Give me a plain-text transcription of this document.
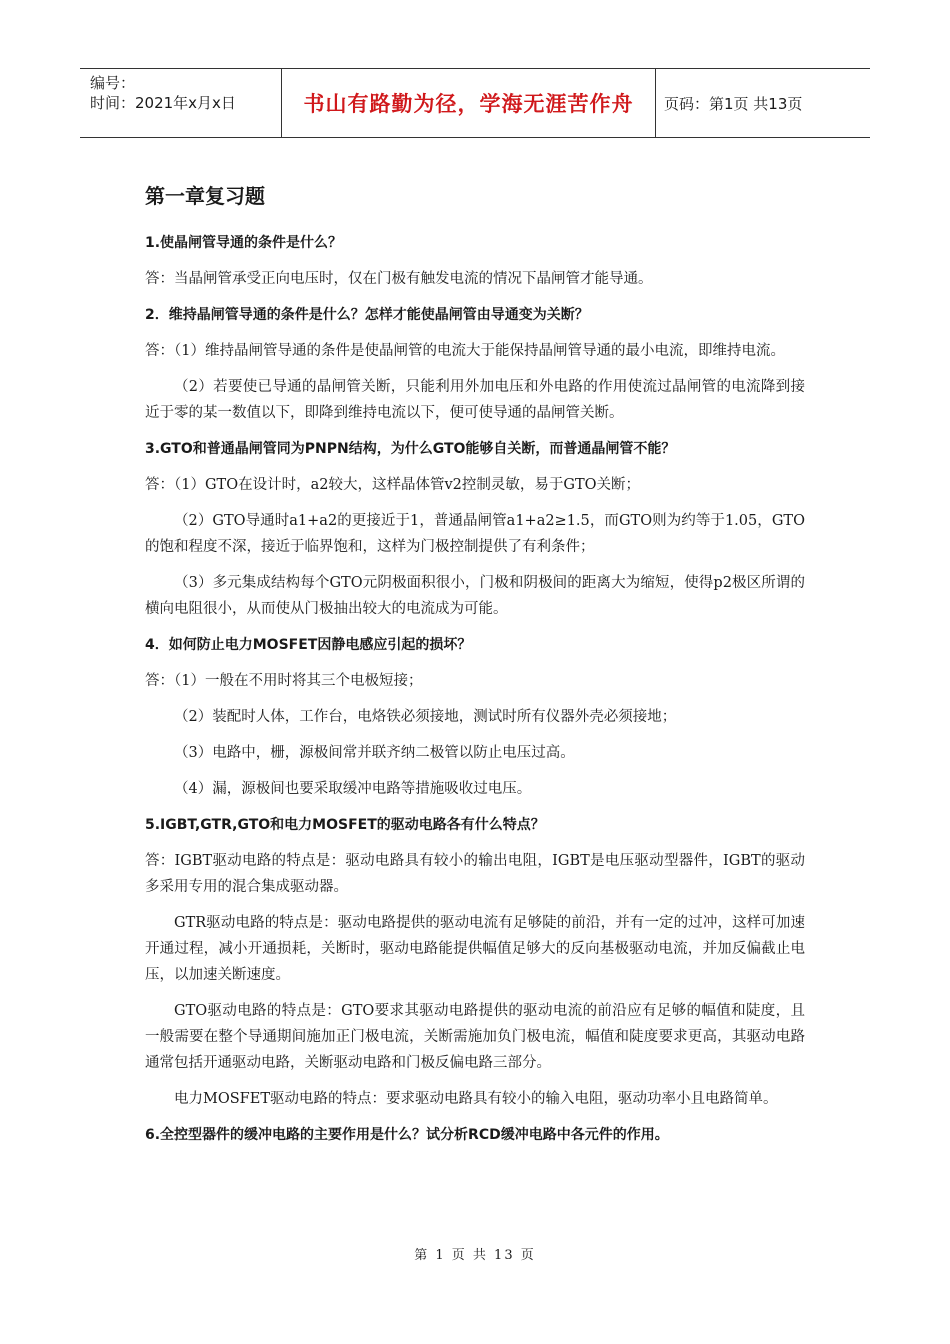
编号：
时间：2021年x月x日	书山有路勤为径，学海无涯苦作舟	页码：第1页 共13页
第一章复习题
1.使晶闸管导通的条件是什么？
答：当晶闸管承受正向电压时，仅在门极有触发电流的情况下晶闸管才能导通。
2．维持晶闸管导通的条件是什么？怎样才能使晶闸管由导通变为关断？
答：（1）维持晶闸管导通的条件是使晶闸管的电流大于能保持晶闸管导通的最小电流，即维持电流。
（2）若要使已导通的晶闸管关断，只能利用外加电压和外电路的作用使流过晶闸管的电流降到接近于零的某一数值以下，即降到维持电流以下，便可使导通的晶闸管关断。
3.GTO和普通晶闸管同为PNPN结构，为什么GTO能够自关断，而普通晶闸管不能？
答：（1）GTO在设计时，a2较大，这样晶体管v2控制灵敏，易于GTO关断；
（2）GTO导通时a1+a2的更接近于1，普通晶闸管a1+a2≥1.5，而GTO则为约等于1.05，GTO的饱和程度不深，接近于临界饱和，这样为门极控制提供了有利条件；
（3）多元集成结构每个GTO元阴极面积很小，门极和阴极间的距离大为缩短，使得p2极区所谓的横向电阻很小，从而使从门极抽出较大的电流成为可能。
4．如何防止电力MOSFET因静电感应引起的损坏？
答：（1）一般在不用时将其三个电极短接；
（2）装配时人体，工作台，电烙铁必须接地，测试时所有仪器外壳必须接地；
（3）电路中，栅，源极间常并联齐纳二极管以防止电压过高。
（4）漏，源极间也要采取缓冲电路等措施吸收过电压。
5.IGBT,GTR,GTO和电力MOSFET的驱动电路各有什么特点？
答：IGBT驱动电路的特点是：驱动电路具有较小的输出电阻，IGBT是电压驱动型器件，IGBT的驱动多采用专用的混合集成驱动器。
GTR驱动电路的特点是：驱动电路提供的驱动电流有足够陡的前沿，并有一定的过冲，这样可加速开通过程，减小开通损耗，关断时，驱动电路能提供幅值足够大的反向基极驱动电流，并加反偏截止电压，以加速关断速度。
GTO驱动电路的特点是：GTO要求其驱动电路提供的驱动电流的前沿应有足够的幅值和陡度，且一般需要在整个导通期间施加正门极电流，关断需施加负门极电流，幅值和陡度要求更高，其驱动电路通常包括开通驱动电路，关断驱动电路和门极反偏电路三部分。
电力MOSFET驱动电路的特点：要求驱动电路具有较小的输入电阻，驱动功率小且电路简单。
6.全控型器件的缓冲电路的主要作用是什么？试分析RCD缓冲电路中各元件的作用。
第 1 页 共 13 页
